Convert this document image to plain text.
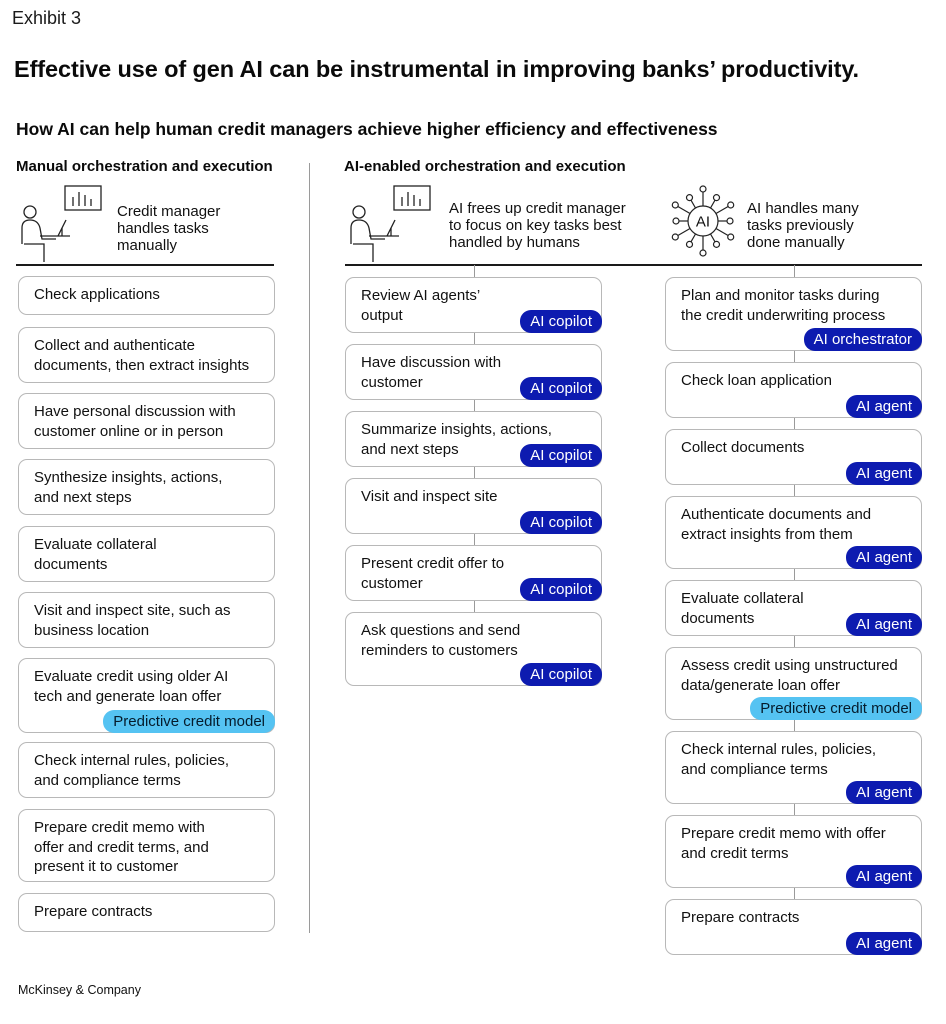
Exhibit 3
Effective use of gen AI can be instrumental in improving banks’ productivity.
How AI can help human credit managers achieve higher efficiency and effectiveness
Manual orchestration and execution
Credit manager
handles tasks
manually
AI-enabled orchestration and execution
AI frees up credit manager
to focus on key tasks best
handled by humans
AI
AI handles many
tasks previously
done manually
Check applications
Collect and authenticate
documents, then extract insights
Have personal discussion with
customer online or in person
Synthesize insights, actions,
and next steps
Evaluate collateral
documents
Visit and inspect site, such as
business location
Evaluate credit using older AI
tech and generate loan offer
Predictive credit model
Check internal rules, policies,
and compliance terms
Prepare credit memo with
offer and credit terms, and
present it to customer
Prepare contracts
Review AI agents’
output	AI copilot
Have discussion with
customer	AI copilot
Summarize insights, actions,
and next steps	AI copilot
Visit and inspect site
AI copilot
Present credit offer to
customer	AI copilot
Ask questions and send
reminders to customers
AI copilot
Plan and monitor tasks during
the credit underwriting process
AI orchestrator
Check loan application
AI agent
Collect documents
AI agent
Authenticate documents and
extract insights from them
AI agent
Evaluate collateral
documents	AI agent
Assess credit using unstructured
data/generate loan offer
Predictive credit model
Check internal rules, policies,
and compliance terms
AI agent
Prepare credit memo with offer
and credit terms
AI agent
Prepare contracts
AI agent
McKinsey & Company
